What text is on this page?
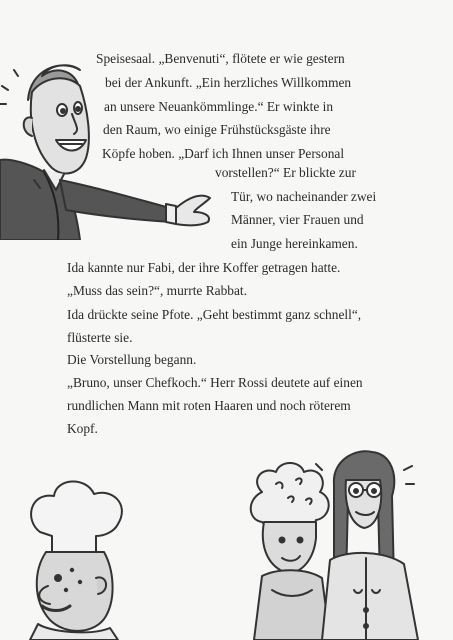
Speisesaal. „Benvenuti“, flötete er wie gestern
bei der Ankunft. „Ein herzliches Willkommen
an unsere Neuankömmlinge.“ Er winkte in
den Raum, wo einige Frühstücksgäste ihre
Köpfe hoben. „Darf ich Ihnen unser Personal
vorstellen?“ Er blickte zur
Tür, wo nacheinander zwei
Männer, vier Frauen und
ein Junge hereinkamen.
Ida kannte nur Fabi, der ihre Koffer getragen hatte.
„Muss das sein?“, murrte Rabbat.
Ida drückte seine Pfote. „Geht bestimmt ganz schnell“,
flüsterte sie.
Die Vorstellung begann.
„Bruno, unser Chefkoch.“ Herr Rossi deutete auf einen
rundlichen Mann mit roten Haaren und noch röterem
Kopf.
